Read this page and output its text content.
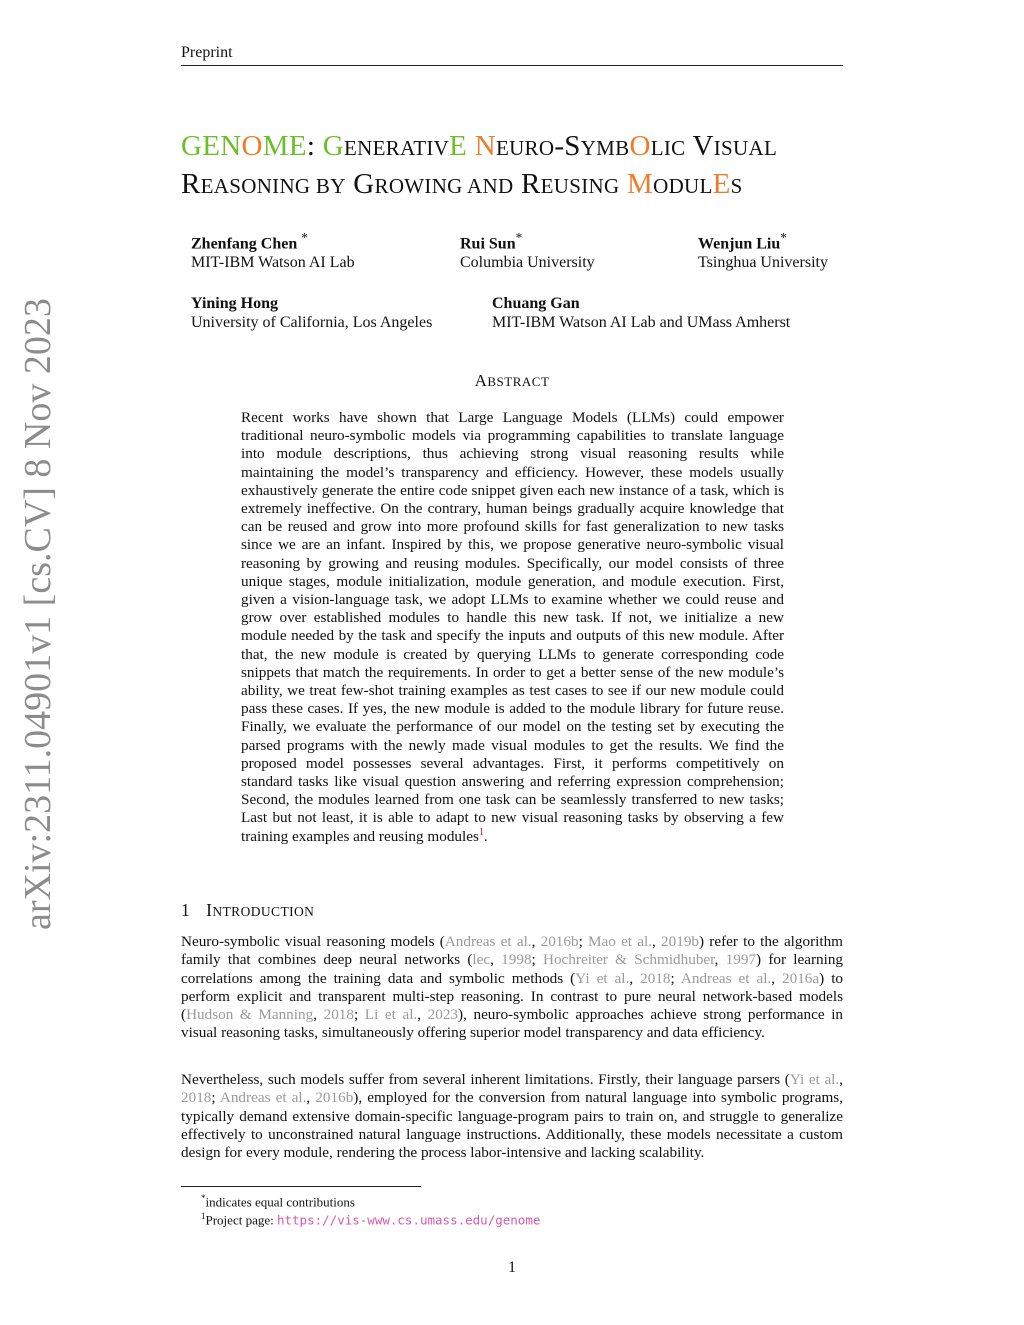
Preprint
arXiv:2311.04901v1 [cs.CV] 8 Nov 2023
GENOME: GENERATIVE NEURO-SYMBOLIC VISUAL
REASONING BY GROWING AND REUSING MODULES
Zhenfang Chen *
MIT-IBM Watson AI Lab
Rui Sun*
Columbia University
Wenjun Liu*
Tsinghua University
Yining Hong
University of California, Los Angeles
Chuang Gan
MIT-IBM Watson AI Lab and UMass Amherst
ABSTRACT
Recent works have shown that Large Language Models (LLMs) could empower traditional neuro-symbolic models via programming capabilities to translate language into module descriptions, thus achieving strong visual reasoning results while maintaining the model’s transparency and efficiency. However, these models usually exhaustively generate the entire code snippet given each new instance of a task, which is extremely ineffective. On the contrary, human beings gradually acquire knowledge that can be reused and grow into more profound skills for fast generalization to new tasks since we are an infant. Inspired by this, we propose generative neuro-symbolic visual reasoning by growing and reusing modules. Specifically, our model consists of three unique stages, module initialization, module generation, and module execution. First, given a vision-language task, we adopt LLMs to examine whether we could reuse and grow over established modules to handle this new task. If not, we initialize a new module needed by the task and specify the inputs and outputs of this new module. After that, the new module is created by querying LLMs to generate corresponding code snippets that match the requirements. In order to get a better sense of the new module’s ability, we treat few-shot training examples as test cases to see if our new module could pass these cases. If yes, the new module is added to the module library for future reuse. Finally, we evaluate the performance of our model on the testing set by executing the parsed programs with the newly made visual modules to get the results. We find the proposed model possesses several advantages. First, it performs competitively on standard tasks like visual question answering and referring expression comprehension; Second, the modules learned from one task can be seamlessly transferred to new tasks; Last but not least, it is able to adapt to new visual reasoning tasks by observing a few training examples and reusing modules$^1$.
1 INTRODUCTION
Neuro-symbolic visual reasoning models (Andreas et al., 2016b; Mao et al., 2019b) refer to the algorithm family that combines deep neural networks (lec, 1998; Hochreiter & Schmidhuber, 1997) for learning correlations among the training data and symbolic methods (Yi et al., 2018; Andreas et al., 2016a) to perform explicit and transparent multi-step reasoning. In contrast to pure neural network-based models (Hudson & Manning, 2018; Li et al., 2023), neuro-symbolic approaches achieve strong performance in visual reasoning tasks, simultaneously offering superior model transparency and data efficiency.
Nevertheless, such models suffer from several inherent limitations. Firstly, their language parsers (Yi et al., 2018; Andreas et al., 2016b), employed for the conversion from natural language into symbolic programs, typically demand extensive domain-specific language-program pairs to train on, and struggle to generalize effectively to unconstrained natural language instructions. Additionally, these models necessitate a custom design for every module, rendering the process labor-intensive and lacking scalability.
*indicates equal contributions
$^1$Project page: https://vis-www.cs.umass.edu/genome
1
